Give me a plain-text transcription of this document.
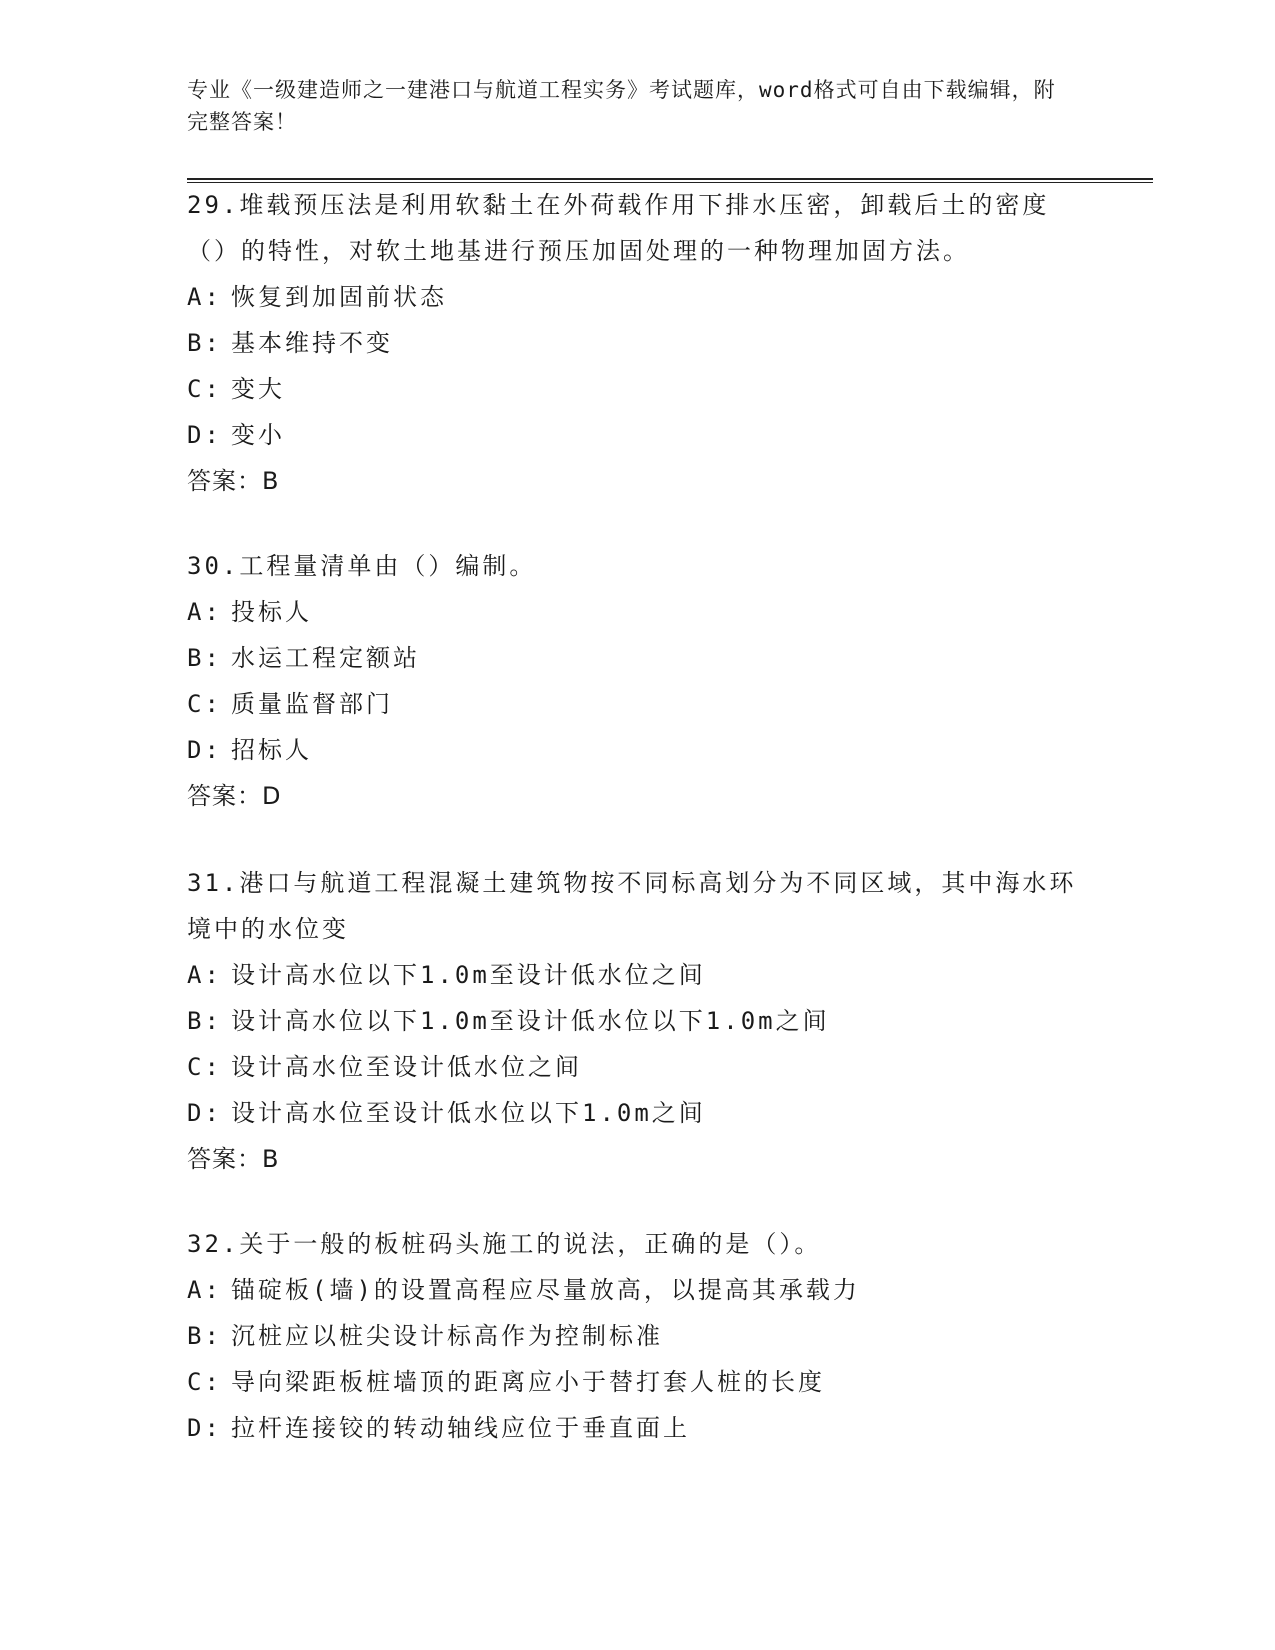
专业《一级建造师之一建港口与航道工程实务》考试题库，word格式可自由下载编辑，附完整答案！
29.堆载预压法是利用软黏土在外荷载作用下排水压密，卸载后土的密度（）的特性，对软土地基进行预压加固处理的一种物理加固方法。
A: 恢复到加固前状态
B: 基本维持不变
C: 变大
D: 变小
答案：B
30.工程量清单由（）编制。
A: 投标人
B: 水运工程定额站
C: 质量监督部门
D: 招标人
答案：D
31.港口与航道工程混凝土建筑物按不同标高划分为不同区域，其中海水环境中的水位变
A: 设计高水位以下1.0m至设计低水位之间
B: 设计高水位以下1.0m至设计低水位以下1.0m之间
C: 设计高水位至设计低水位之间
D: 设计高水位至设计低水位以下1.0m之间
答案：B
32.关于一般的板桩码头施工的说法，正确的是（）。
A: 锚碇板(墙)的设置高程应尽量放高，以提高其承载力
B: 沉桩应以桩尖设计标高作为控制标准
C: 导向梁距板桩墙顶的距离应小于替打套人桩的长度
D: 拉杆连接铰的转动轴线应位于垂直面上
